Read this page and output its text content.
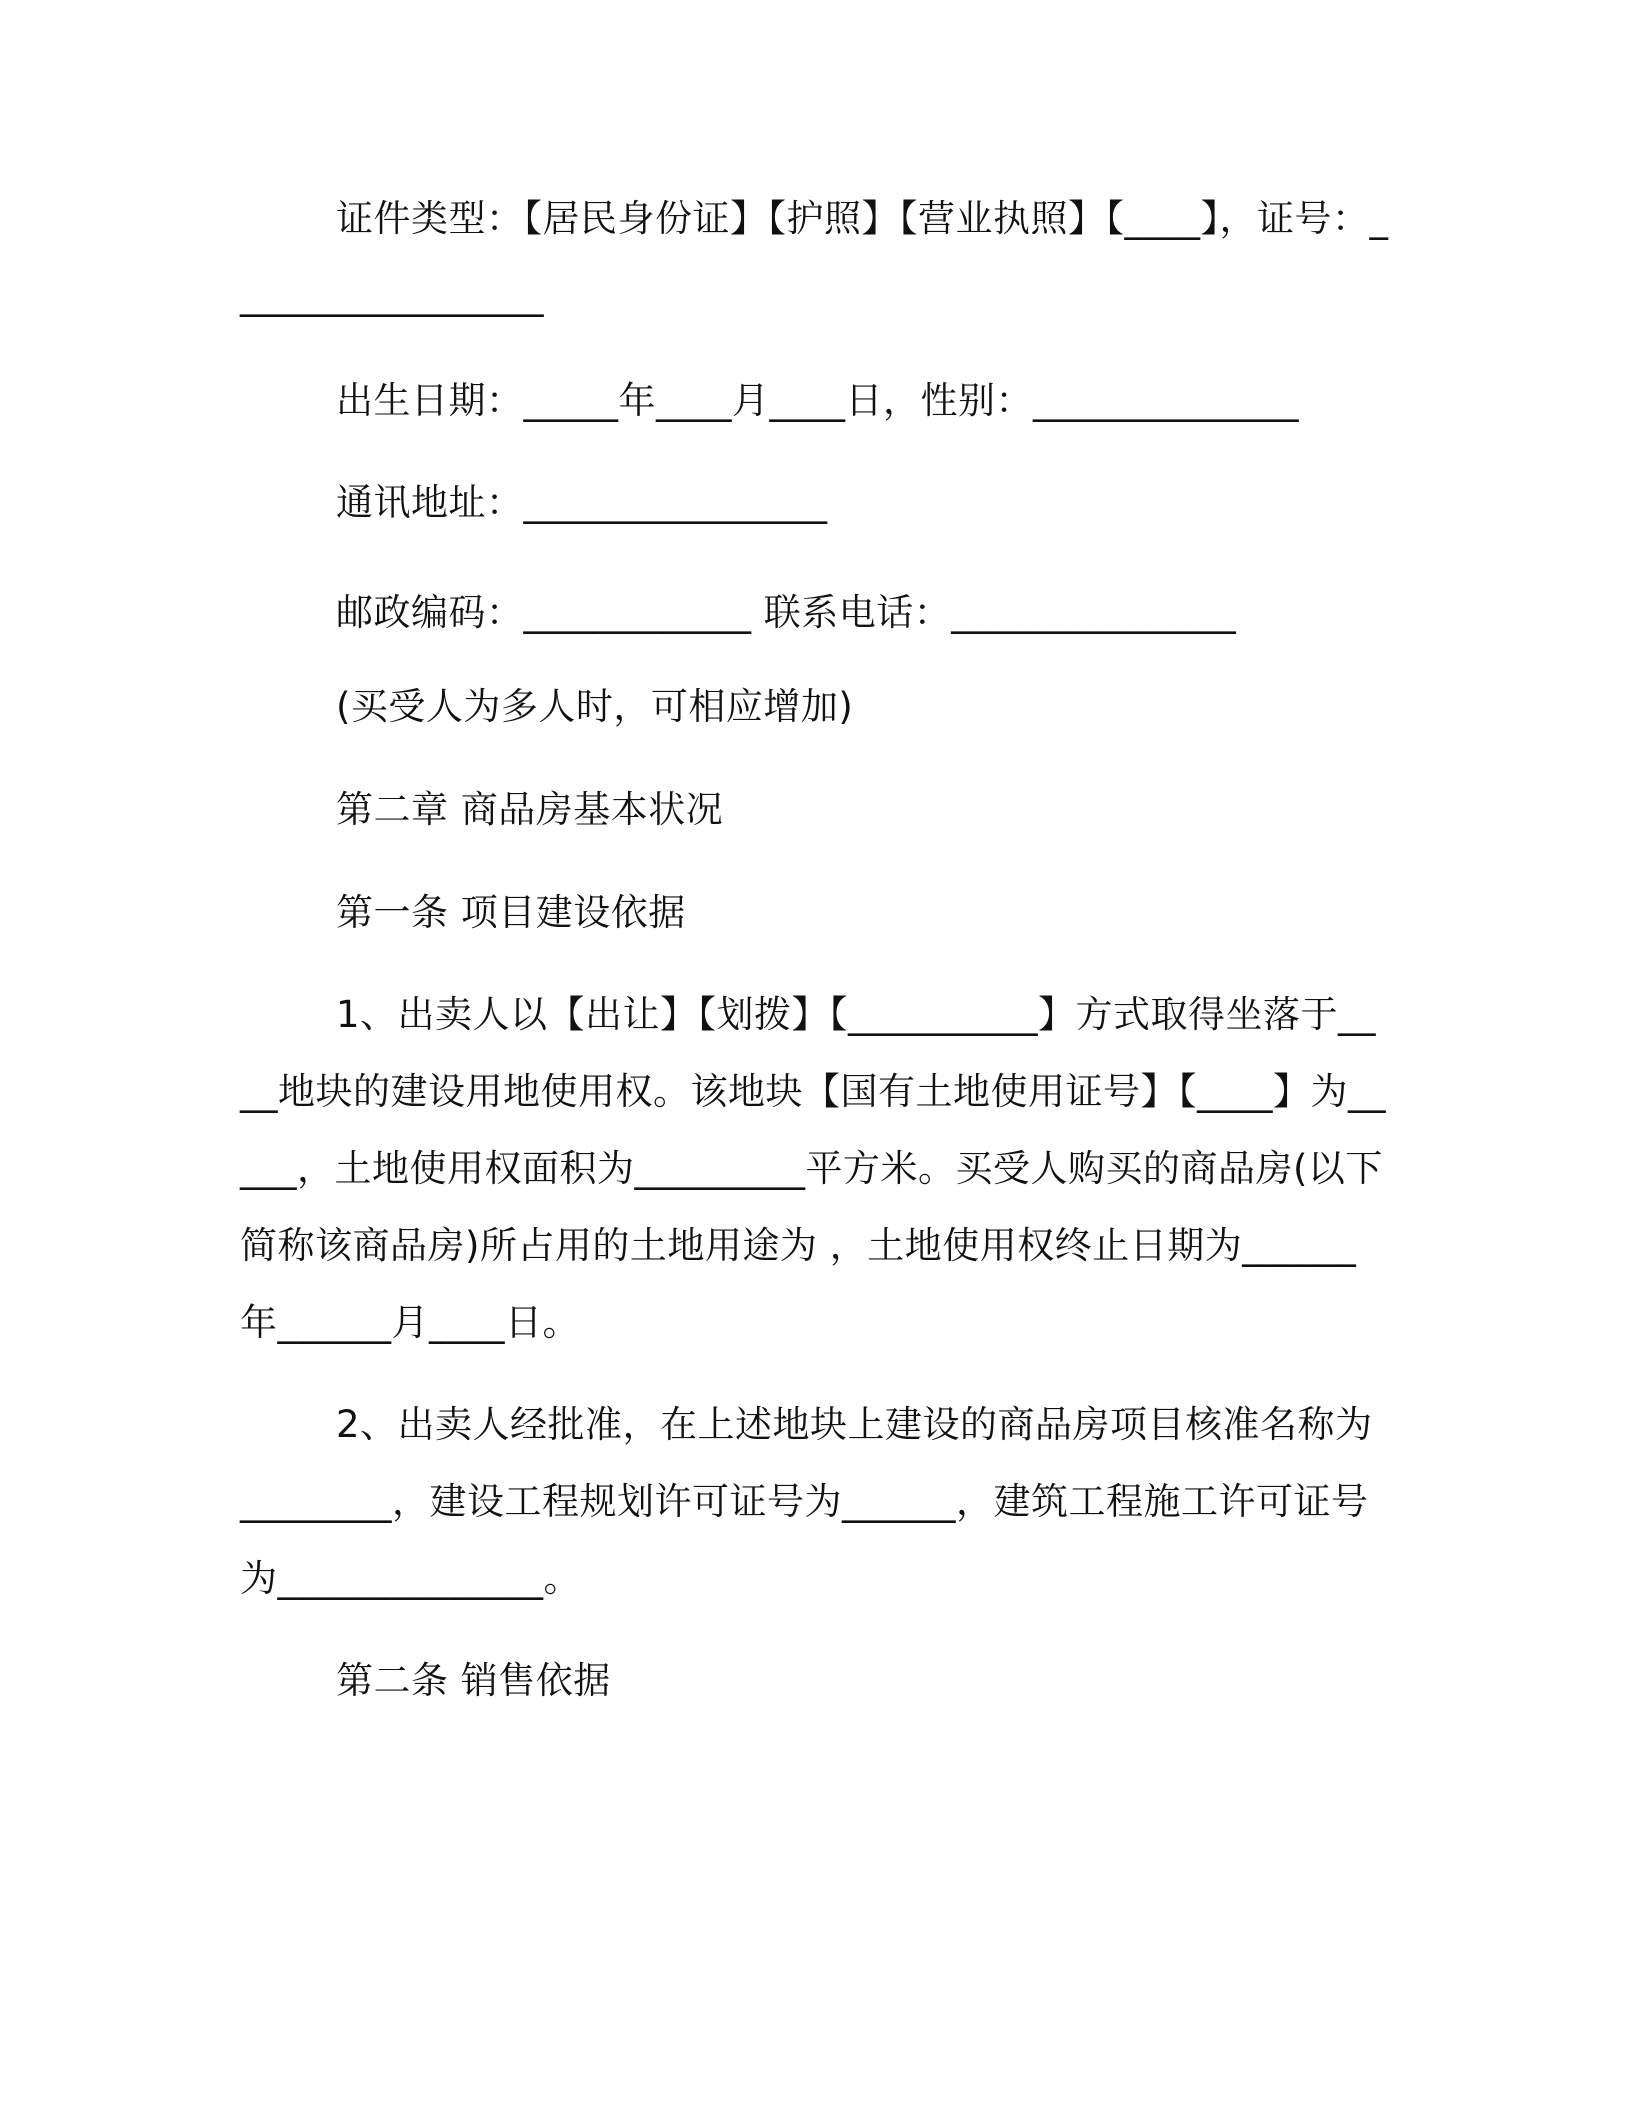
证件类型：【居民身份证】【护照】【营业执照】【____】，证号：_________________
出生日期：_____年____月____日，性别：______________
通讯地址：________________
邮政编码：____________ 联系电话：_______________
(买受人为多人时，可相应增加)
第二章 商品房基本状况
第一条 项目建设依据
1、出卖人以【出让】【划拨】【__________】方式取得坐落于____地块的建设用地使用权。该地块【国有土地使用证号】【____】为_____，土地使用权面积为_________平方米。买受人购买的商品房(以下简称该商品房)所占用的土地用途为 ，土地使用权终止日期为______年______月____日。
2、出卖人经批准，在上述地块上建设的商品房项目核准名称为________，建设工程规划许可证号为______，建筑工程施工许可证号为______________。
第二条 销售依据
